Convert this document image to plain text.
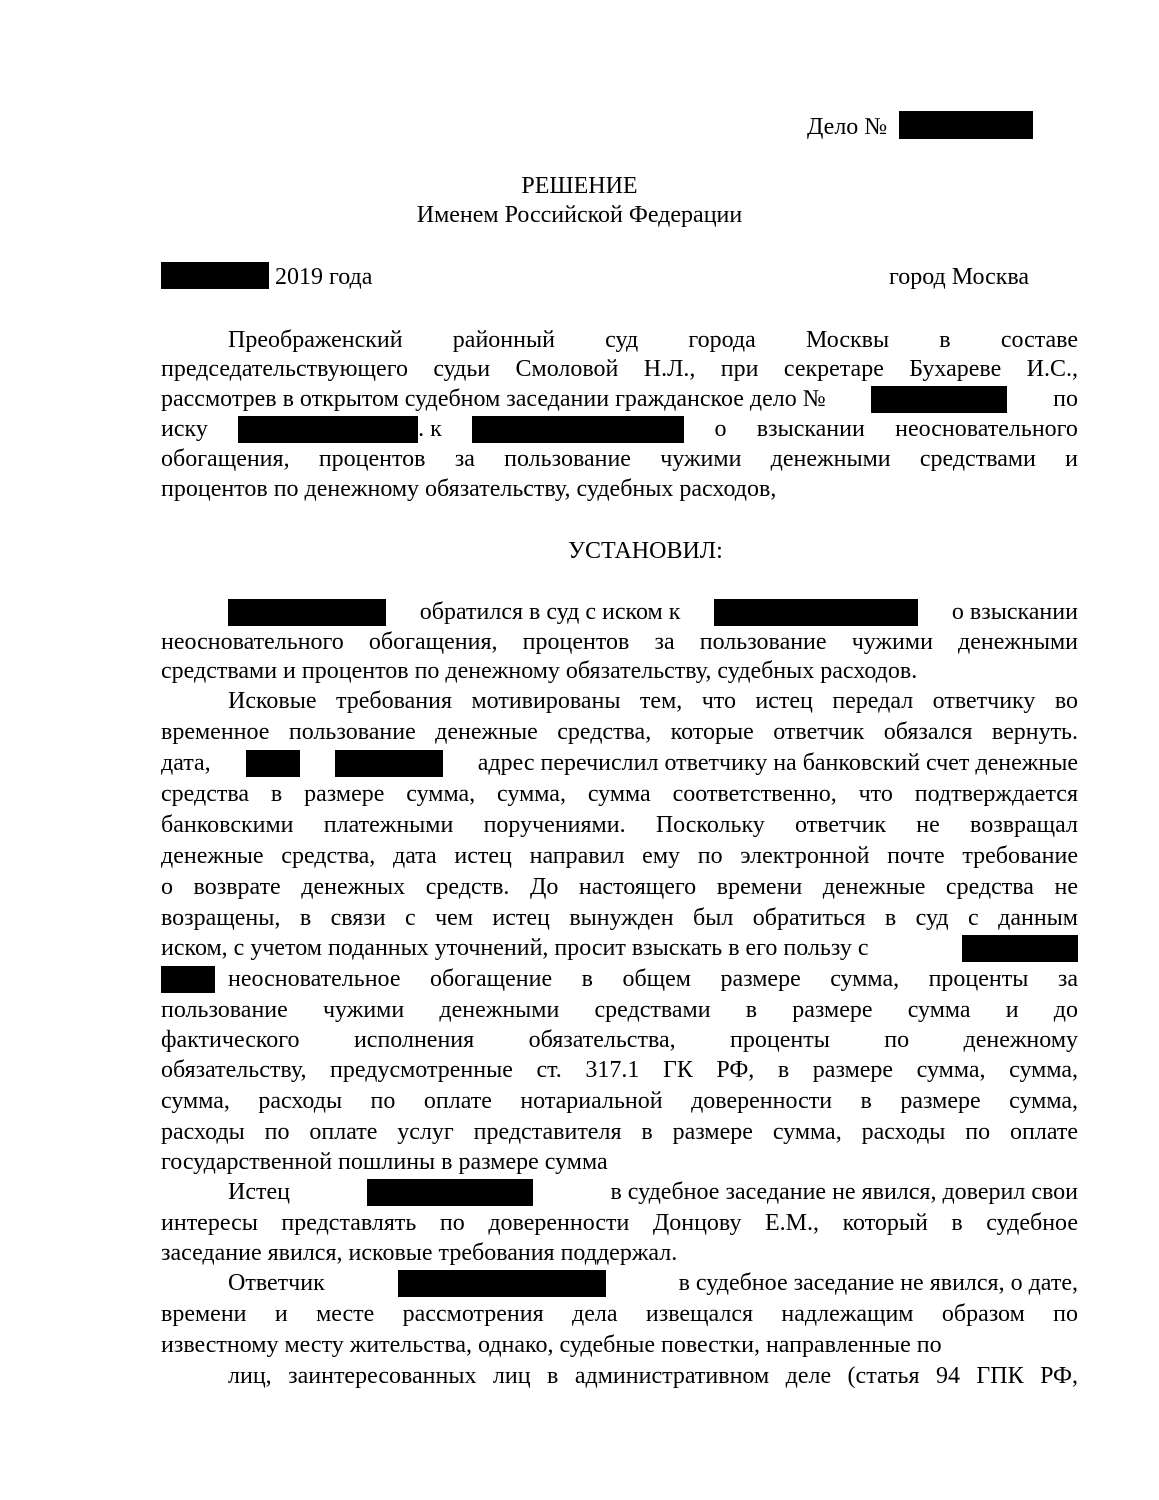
Дело №
РЕШЕНИЕ
Именем Российской Федерации
2019 года	город Москва
Преображенский районный суд города Москвы в составе
председательствующего судьи Смоловой Н.Л., при секретаре Бухареве И.С.,
рассмотрев в открытом судебном заседании гражданское дело №	по
иску	. к	о взыскании неосновательного
обогащения, процентов за пользование чужими денежными средствами и
процентов по денежному обязательству, судебных расходов,
УСТАНОВИЛ:
обратился в суд с иском к	о взыскании
неосновательного обогащения, процентов за пользование чужими денежными
средствами и процентов по денежному обязательству, судебных расходов.
Исковые требования мотивированы тем, что истец передал ответчику во
временное пользование денежные средства, которые ответчик обязался вернуть.
дата,	адрес перечислил ответчику на банковский счет денежные
средства в размере сумма, сумма, сумма соответственно, что подтверждается
банковскими платежными поручениями. Поскольку ответчик не возвращал
денежные средства, дата истец направил ему по электронной почте требование
о возврате денежных средств. До настоящего времени денежные средства не
возращены, в связи с чем истец вынужден был обратиться в суд с данным
иском, с учетом поданных уточнений, просит взыскать в его пользу с
неосновательное обогащение в общем размере сумма, проценты за
пользование чужими денежными средствами в размере сумма и до
фактического исполнения обязательства, проценты по денежному
обязательству, предусмотренные ст. 317.1 ГК РФ, в размере сумма, сумма,
сумма, расходы по оплате нотариальной доверенности в размере сумма,
расходы по оплате услуг представителя в размере сумма, расходы по оплате
государственной пошлины в размере сумма
Истец	в судебное заседание не явился, доверил свои
интересы представлять по доверенности Донцову Е.М., который в судебное
заседание явился, исковые требования поддержал.
Ответчик	в судебное заседание не явился, о дате,
времени и месте рассмотрения дела извещался надлежащим образом по
известному месту жительства, однако, судебные повестки, направленные по
лиц, заинтересованных лиц в административном деле (статья 94 ГПК РФ,
